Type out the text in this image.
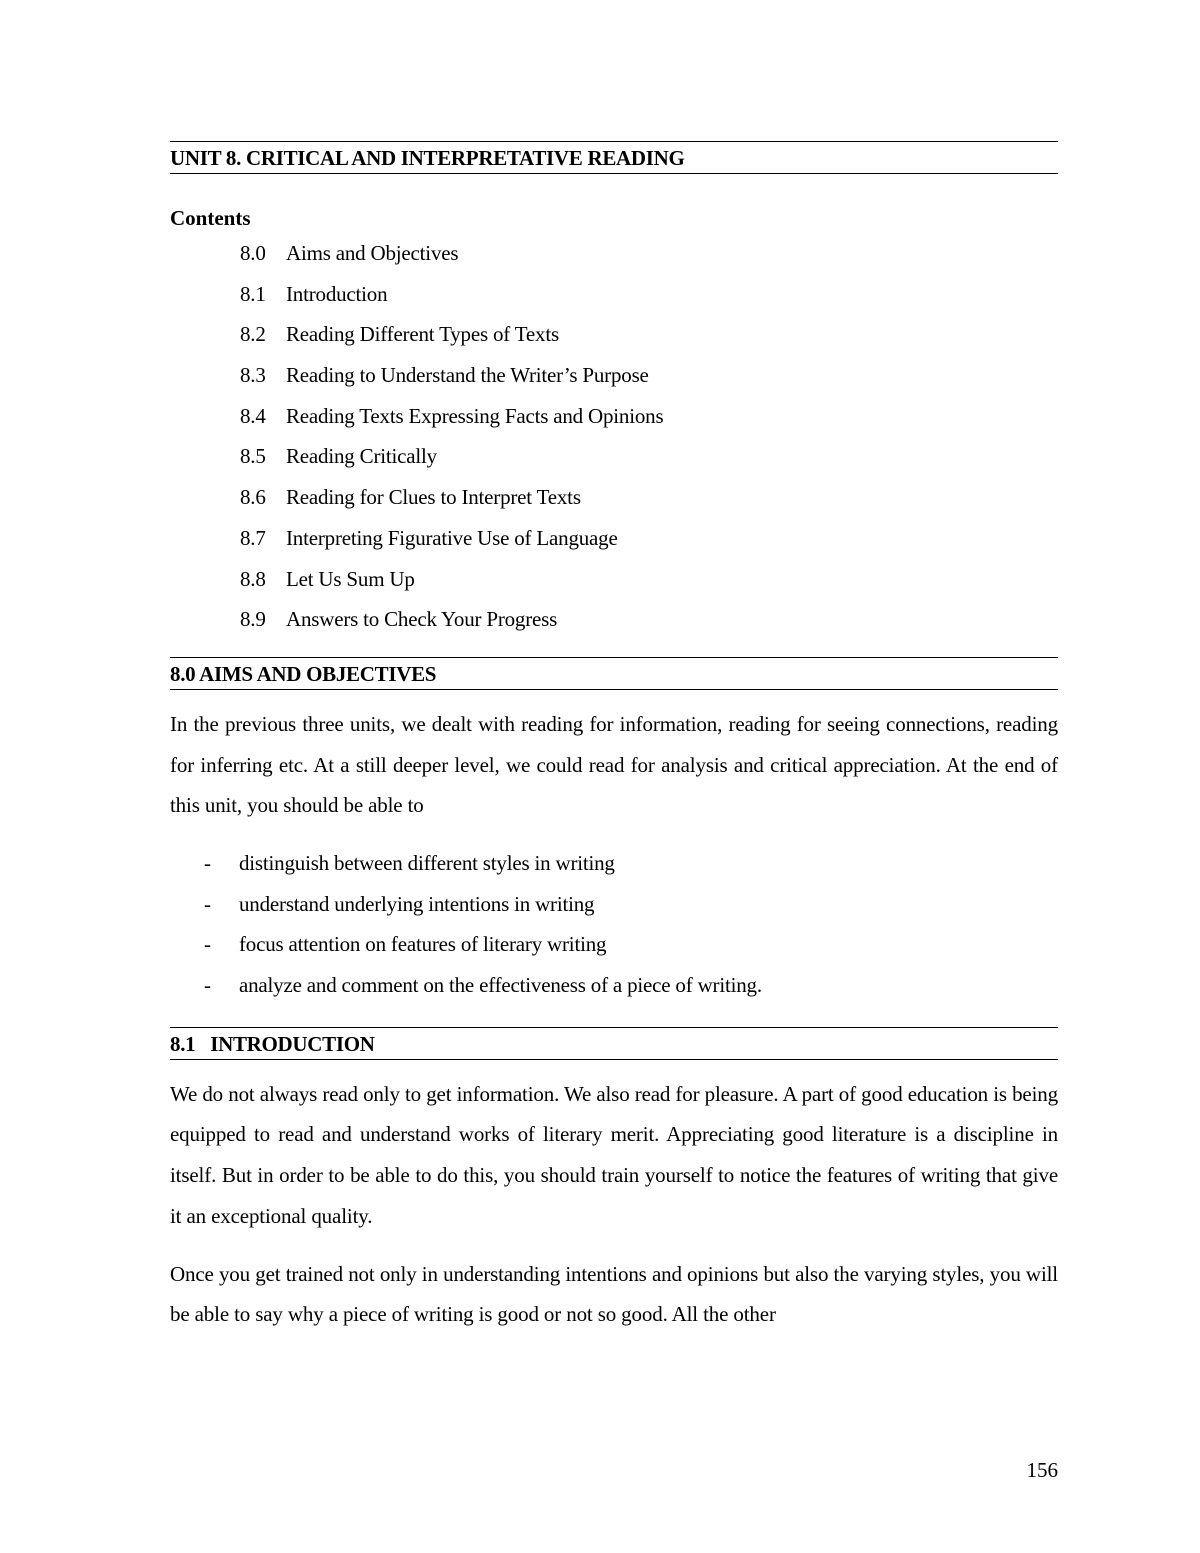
UNIT 8. CRITICAL AND INTERPRETATIVE READING
Contents
8.0 Aims and Objectives
8.1 Introduction
8.2 Reading Different Types of Texts
8.3 Reading to Understand the Writer’s Purpose
8.4 Reading Texts Expressing Facts and Opinions
8.5 Reading Critically
8.6 Reading for Clues to Interpret Texts
8.7 Interpreting Figurative Use of Language
8.8 Let Us Sum Up
8.9 Answers to Check Your Progress
8.0 AIMS AND OBJECTIVES

In the previous three units, we dealt with reading for information, reading for seeing connections, reading for inferring etc. At a still deeper level, we could read for analysis and critical appreciation. At the end of this unit, you should be able to

- distinguish between different styles in writing
- understand underlying intentions in writing
- focus attention on features of literary writing
- analyze and comment on the effectiveness of a piece of writing.
8.1   INTRODUCTION

We do not always read only to get information. We also read for pleasure. A part of good education is being equipped to read and understand works of literary merit. Appreciating good literature is a discipline in itself. But in order to be able to do this, you should train yourself to notice the features of writing that give it an exceptional quality.

Once you get trained not only in understanding intentions and opinions but also the varying styles, you will be able to say why a piece of writing is good or not so good. All the other

156
